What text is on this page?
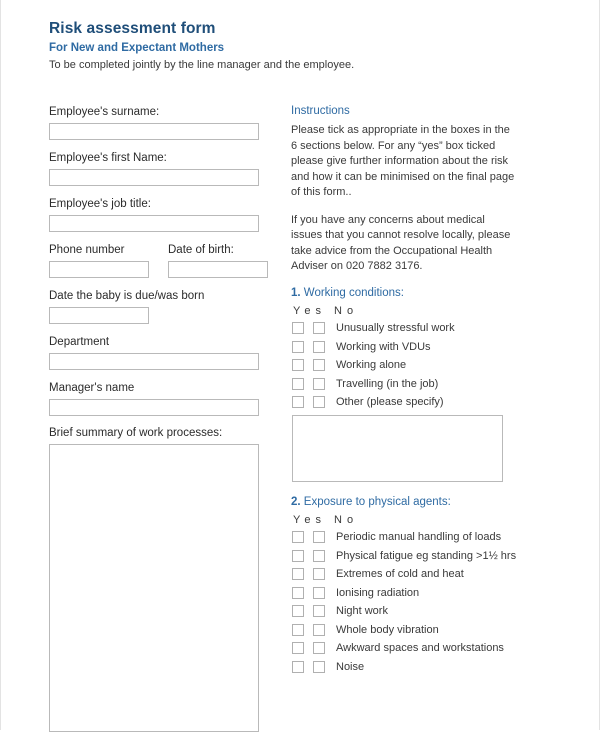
Risk assessment form
For New and Expectant Mothers
To be completed jointly by the line manager and the employee.
Employee's surname:
Employee's first Name:
Employee's job title:
Phone number	Date of birth:
Date the baby is due/was born
Department
Manager's name
Brief summary of work processes:
Instructions
Please tick as appropriate in the boxes in the 6 sections below. For any “yes” box ticked please give further information about the risk and how it can be minimised on the final page of this form..
If you have any concerns about medical issues that you cannot resolve locally, please take advice from the Occupational Health Adviser on 020 7882 3176.
1. Working conditions:
Yes No
Unusually stressful work
Working with VDUs
Working alone
Travelling (in the job)
Other (please specify)
2. Exposure to physical agents:
Yes No
Periodic manual handling of loads
Physical fatigue eg standing >1½ hrs
Extremes of cold and heat
Ionising radiation
Night work
Whole body vibration
Awkward spaces and workstations
Noise
